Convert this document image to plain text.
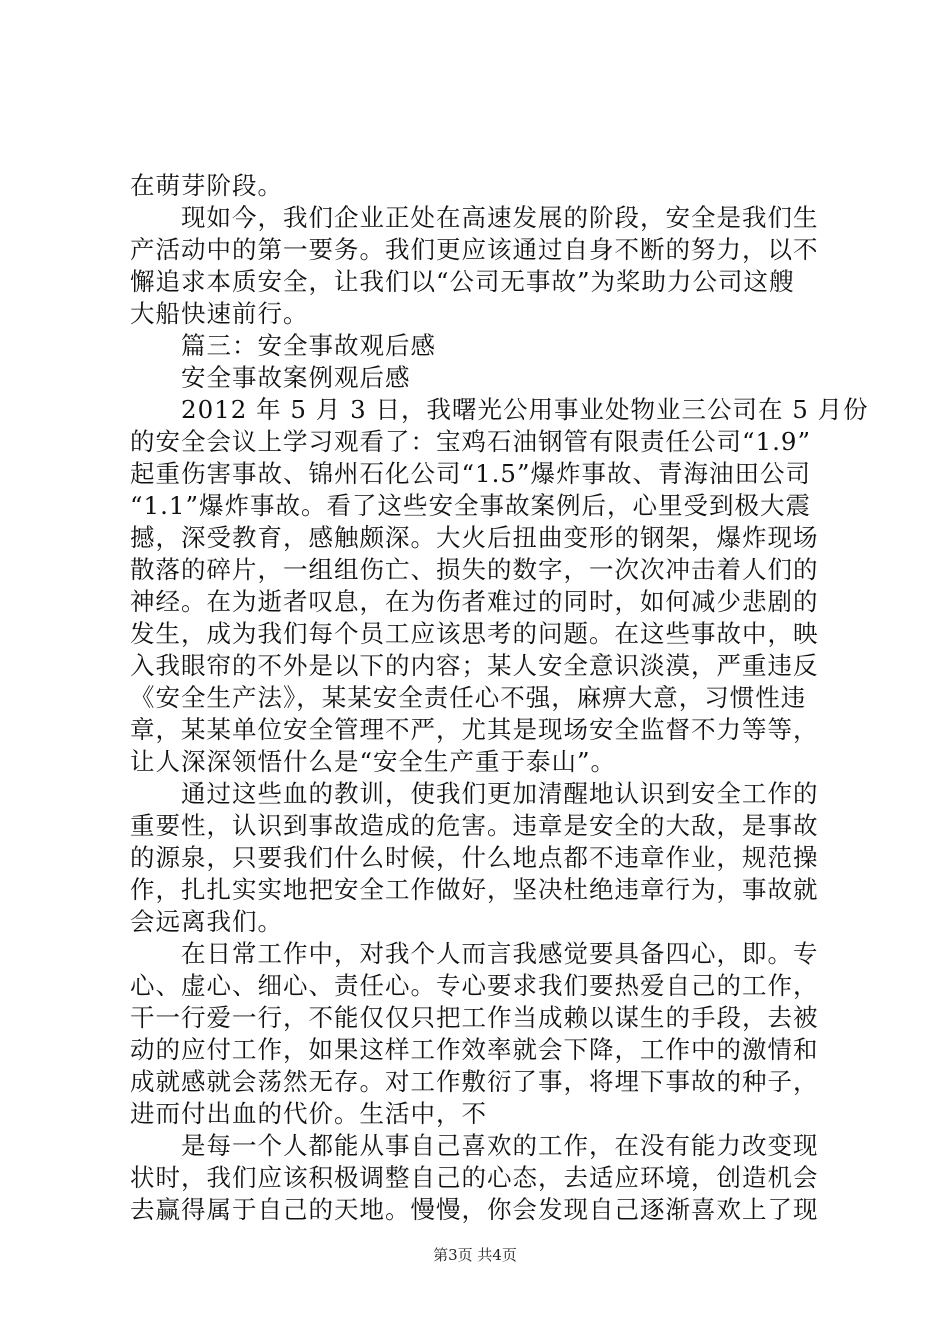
在萌芽阶段。
　　现如今，我们企业正处在高速发展的阶段，安全是我们生
产活动中的第一要务。我们更应该通过自身不断的努力，以不
懈追求本质安全，让我们以“公司无事故”为桨助力公司这艘
大船快速前行。
　　篇三：安全事故观后感
　　安全事故案例观后感
　　2012 年 5 月 3 日，我曙光公用事业处物业三公司在 5 月份
的安全会议上学习观看了：宝鸡石油钢管有限责任公司“1.9”
起重伤害事故、锦州石化公司“1.5”爆炸事故、青海油田公司
“1.1”爆炸事故。看了这些安全事故案例后，心里受到极大震
撼，深受教育，感触颇深。大火后扭曲变形的钢架，爆炸现场
散落的碎片，一组组伤亡、损失的数字，一次次冲击着人们的
神经。在为逝者叹息，在为伤者难过的同时，如何减少悲剧的
发生，成为我们每个员工应该思考的问题。在这些事故中，映
入我眼帘的不外是以下的内容；某人安全意识淡漠，严重违反
《安全生产法》，某某安全责任心不强，麻痹大意，习惯性违
章，某某单位安全管理不严，尤其是现场安全监督不力等等，
让人深深领悟什么是“安全生产重于泰山”。
　　通过这些血的教训，使我们更加清醒地认识到安全工作的
重要性，认识到事故造成的危害。违章是安全的大敌，是事故
的源泉，只要我们什么时候，什么地点都不违章作业，规范操
作，扎扎实实地把安全工作做好，坚决杜绝违章行为，事故就
会远离我们。
　　在日常工作中，对我个人而言我感觉要具备四心，即。专
心、虚心、细心、责任心。专心要求我们要热爱自己的工作，
干一行爱一行，不能仅仅只把工作当成赖以谋生的手段，去被
动的应付工作，如果这样工作效率就会下降，工作中的激情和
成就感就会荡然无存。对工作敷衍了事，将埋下事故的种子，
进而付出血的代价。生活中，不
　　是每一个人都能从事自己喜欢的工作，在没有能力改变现
状时，我们应该积极调整自己的心态，去适应环境，创造机会
去赢得属于自己的天地。慢慢，你会发现自己逐渐喜欢上了现
第3页 共4页
